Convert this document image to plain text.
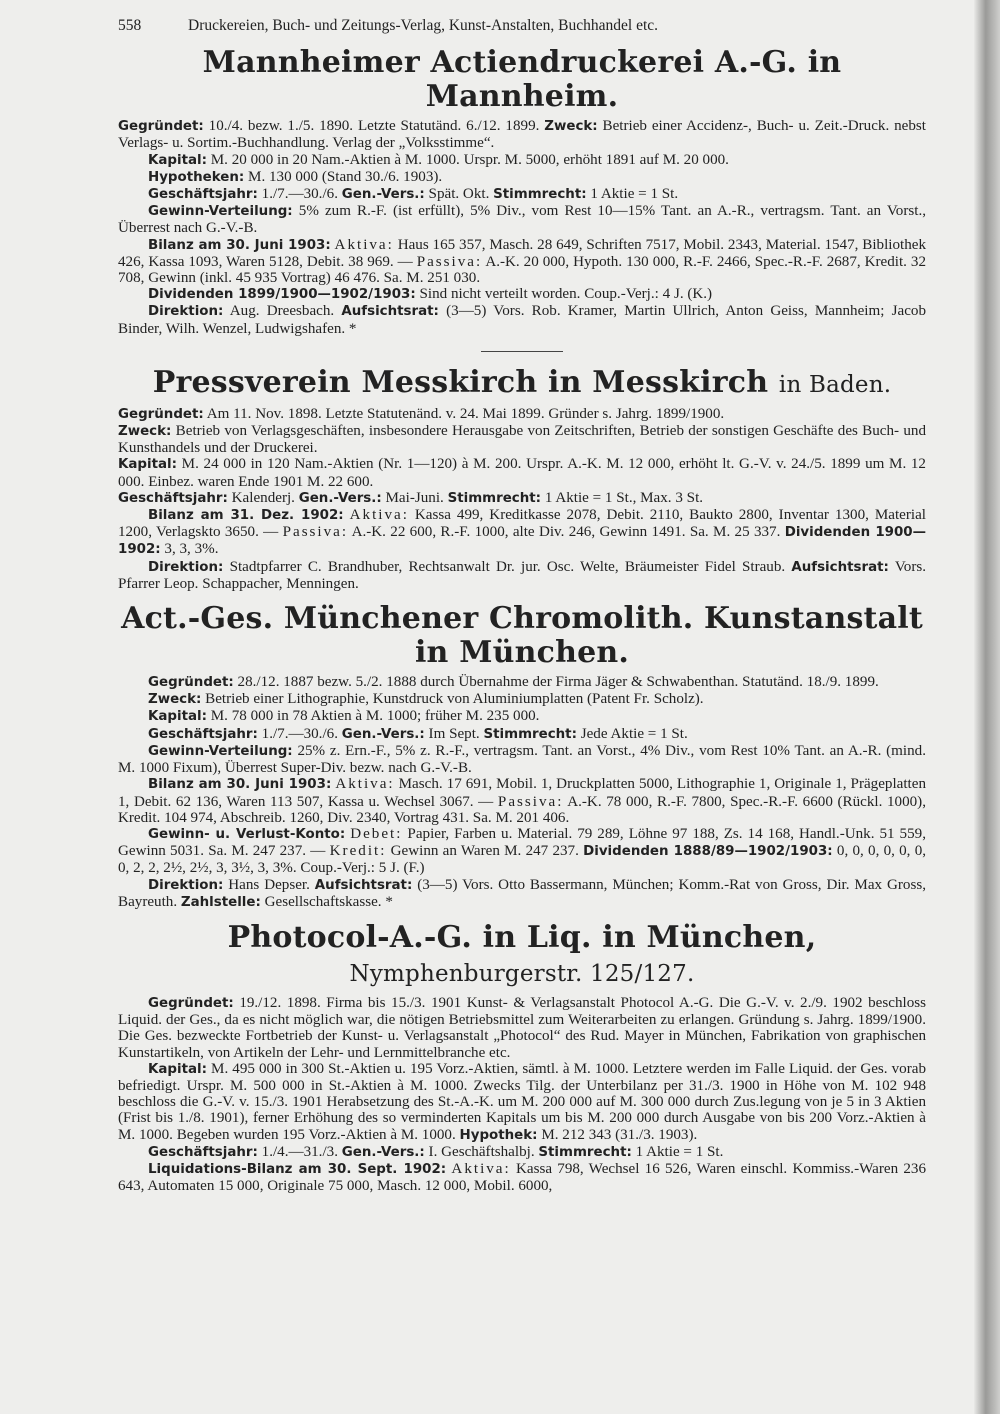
558	Druckereien, Buch- und Zeitungs-Verlag, Kunst-Anstalten, Buchhandel etc.
Mannheimer Actiendruckerei A.-G. in Mannheim.

Gegründet: 10./4. bezw. 1./5. 1890. Letzte Statutänd. 6./12. 1899. Zweck: Betrieb einer Accidenz-, Buch- u. Zeit.-Druck. nebst Verlags- u. Sortim.-Buchhandlung. Verlag der „Volksstimme“.

Kapital: M. 20 000 in 20 Nam.-Aktien à M. 1000. Urspr. M. 5000, erhöht 1891 auf M. 20 000.

Hypotheken: M. 130 000 (Stand 30./6. 1903).

Geschäftsjahr: 1./7.—30./6. Gen.-Vers.: Spät. Okt. Stimmrecht: 1 Aktie = 1 St.

Gewinn-Verteilung: 5% zum R.-F. (ist erfüllt), 5% Div., vom Rest 10—15% Tant. an A.-R., vertragsm. Tant. an Vorst., Überrest nach G.-V.-B.

Bilanz am 30. Juni 1903: Aktiva: Haus 165 357, Masch. 28 649, Schriften 7517, Mobil. 2343, Material. 1547, Bibliothek 426, Kassa 1093, Waren 5128, Debit. 38 969. — Passiva: A.-K. 20 000, Hypoth. 130 000, R.-F. 2466, Spec.-R.-F. 2687, Kredit. 32 708, Gewinn (inkl. 45 935 Vortrag) 46 476. Sa. M. 251 030.

Dividenden 1899/1900—1902/1903: Sind nicht verteilt worden. Coup.-Verj.: 4 J. (K.)

Direktion: Aug. Dreesbach. Aufsichtsrat: (3—5) Vors. Rob. Kramer, Martin Ullrich, Anton Geiss, Mannheim; Jacob Binder, Wilh. Wenzel, Ludwigshafen. *

Pressverein Messkirch in Messkirch in Baden.

Gegründet: Am 11. Nov. 1898. Letzte Statutenänd. v. 24. Mai 1899. Gründer s. Jahrg. 1899/1900.

Zweck: Betrieb von Verlagsgeschäften, insbesondere Herausgabe von Zeitschriften, Betrieb der sonstigen Geschäfte des Buch- und Kunsthandels und der Druckerei.

Kapital: M. 24 000 in 120 Nam.-Aktien (Nr. 1—120) à M. 200. Urspr. A.-K. M. 12 000, erhöht lt. G.-V. v. 24./5. 1899 um M. 12 000. Einbez. waren Ende 1901 M. 22 600.

Geschäftsjahr: Kalenderj. Gen.-Vers.: Mai-Juni. Stimmrecht: 1 Aktie = 1 St., Max. 3 St.

Bilanz am 31. Dez. 1902: Aktiva: Kassa 499, Kreditkasse 2078, Debit. 2110, Baukto 2800, Inventar 1300, Material 1200, Verlagskto 3650. — Passiva: A.-K. 22 600, R.-F. 1000, alte Div. 246, Gewinn 1491. Sa. M. 25 337. Dividenden 1900—1902: 3, 3, 3%.

Direktion: Stadtpfarrer C. Brandhuber, Rechtsanwalt Dr. jur. Osc. Welte, Bräumeister Fidel Straub. Aufsichtsrat: Vors. Pfarrer Leop. Schappacher, Menningen.

Act.-Ges. Münchener Chromolith. Kunstanstalt in München.

Gegründet: 28./12. 1887 bezw. 5./2. 1888 durch Übernahme der Firma Jäger & Schwabenthan. Statutänd. 18./9. 1899.

Zweck: Betrieb einer Lithographie, Kunstdruck von Aluminiumplatten (Patent Fr. Scholz).

Kapital: M. 78 000 in 78 Aktien à M. 1000; früher M. 235 000.

Geschäftsjahr: 1./7.—30./6. Gen.-Vers.: Im Sept. Stimmrecht: Jede Aktie = 1 St.

Gewinn-Verteilung: 25% z. Ern.-F., 5% z. R.-F., vertragsm. Tant. an Vorst., 4% Div., vom Rest 10% Tant. an A.-R. (mind. M. 1000 Fixum), Überrest Super-Div. bezw. nach G.-V.-B.

Bilanz am 30. Juni 1903: Aktiva: Masch. 17 691, Mobil. 1, Druckplatten 5000, Lithographie 1, Originale 1, Prägeplatten 1, Debit. 62 136, Waren 113 507, Kassa u. Wechsel 3067. — Passiva: A.-K. 78 000, R.-F. 7800, Spec.-R.-F. 6600 (Rückl. 1000), Kredit. 104 974, Abschreib. 1260, Div. 2340, Vortrag 431. Sa. M. 201 406.

Gewinn- u. Verlust-Konto: Debet: Papier, Farben u. Material. 79 289, Löhne 97 188, Zs. 14 168, Handl.-Unk. 51 559, Gewinn 5031. Sa. M. 247 237. — Kredit: Gewinn an Waren M. 247 237. Dividenden 1888/89—1902/1903: 0, 0, 0, 0, 0, 0, 0, 2, 2, 2½, 2½, 3, 3½, 3, 3%. Coup.-Verj.: 5 J. (F.)

Direktion: Hans Depser. Aufsichtsrat: (3—5) Vors. Otto Bassermann, München; Komm.-Rat von Gross, Dir. Max Gross, Bayreuth. Zahlstelle: Gesellschaftskasse. *

Photocol-A.-G. in Liq. in München, Nymphenburgerstr. 125/127.

Gegründet: 19./12. 1898. Firma bis 15./3. 1901 Kunst- & Verlagsanstalt Photocol A.-G. Die G.-V. v. 2./9. 1902 beschloss Liquid. der Ges., da es nicht möglich war, die nötigen Betriebsmittel zum Weiterarbeiten zu erlangen. Gründung s. Jahrg. 1899/1900. Die Ges. bezweckte Fortbetrieb der Kunst- u. Verlagsanstalt „Photocol“ des Rud. Mayer in München, Fabrikation von graphischen Kunstartikeln, von Artikeln der Lehr- und Lernmittelbranche etc.

Kapital: M. 495 000 in 300 St.-Aktien u. 195 Vorz.-Aktien, sämtl. à M. 1000. Letztere werden im Falle Liquid. der Ges. vorab befriedigt. Urspr. M. 500 000 in St.-Aktien à M. 1000. Zwecks Tilg. der Unterbilanz per 31./3. 1900 in Höhe von M. 102 948 beschloss die G.-V. v. 15./3. 1901 Herabsetzung des St.-A.-K. um M. 200 000 auf M. 300 000 durch Zus.legung von je 5 in 3 Aktien (Frist bis 1./8. 1901), ferner Erhöhung des so verminderten Kapitals um bis M. 200 000 durch Ausgabe von bis 200 Vorz.-Aktien à M. 1000. Begeben wurden 195 Vorz.-Aktien à M. 1000. Hypothek: M. 212 343 (31./3. 1903).

Geschäftsjahr: 1./4.—31./3. Gen.-Vers.: I. Geschäftshalbj. Stimmrecht: 1 Aktie = 1 St.

Liquidations-Bilanz am 30. Sept. 1902: Aktiva: Kassa 798, Wechsel 16 526, Waren einschl. Kommiss.-Waren 236 643, Automaten 15 000, Originale 75 000, Masch. 12 000, Mobil. 6000,
